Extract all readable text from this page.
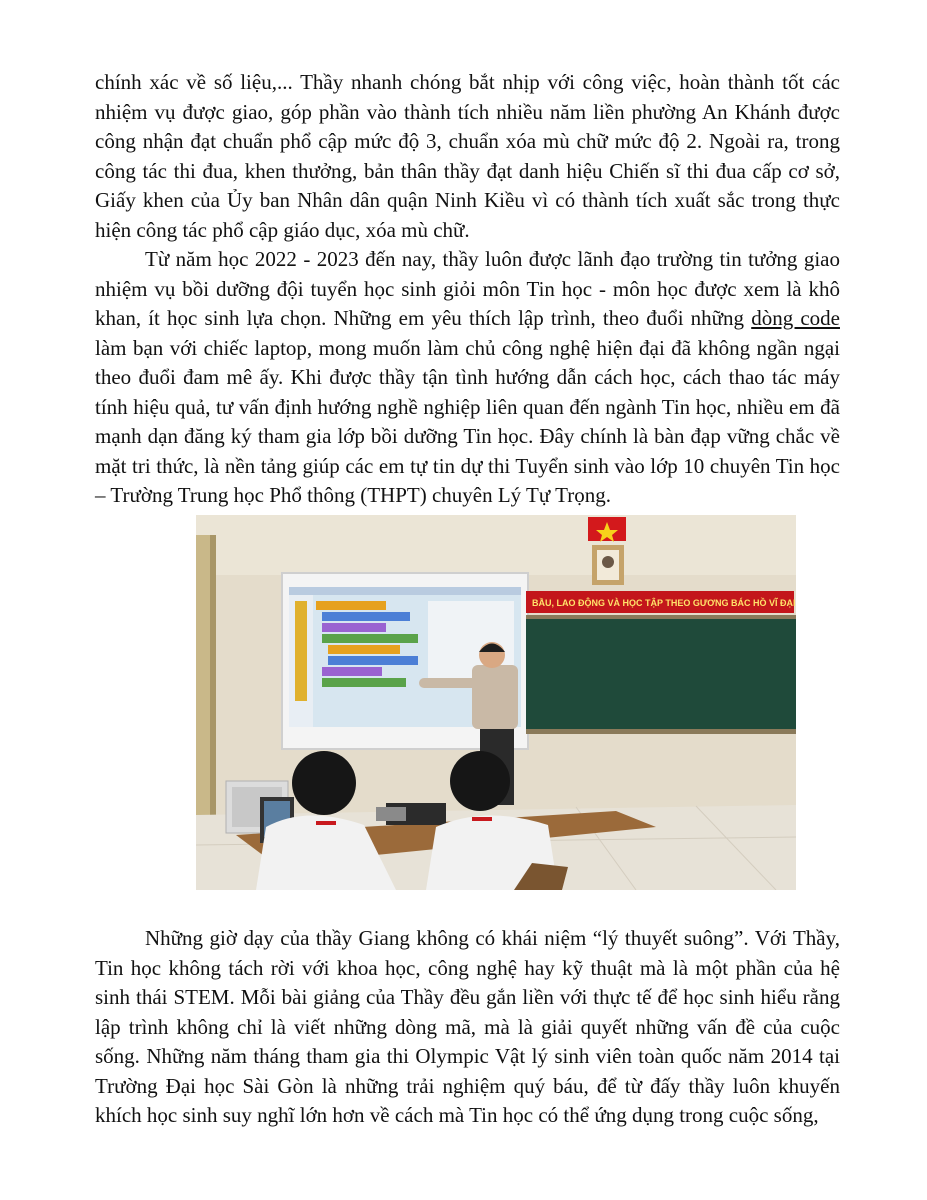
chính xác về số liệu,... Thầy nhanh chóng bắt nhịp với công việc, hoàn thành tốt các nhiệm vụ được giao, góp phần vào thành tích nhiều năm liền phường An Khánh được công nhận đạt chuẩn phổ cập mức độ 3, chuẩn xóa mù chữ mức độ 2. Ngoài ra, trong công tác thi đua, khen thưởng, bản thân thầy đạt danh hiệu Chiến sĩ thi đua cấp cơ sở, Giấy khen của Ủy ban Nhân dân quận Ninh Kiều vì có thành tích xuất sắc trong thực hiện công tác phổ cập giáo dục, xóa mù chữ.

Từ năm học 2022 - 2023 đến nay, thầy luôn được lãnh đạo trường tin tưởng giao nhiệm vụ bồi dưỡng đội tuyển học sinh giỏi môn Tin học - môn học được xem là khô khan, ít học sinh lựa chọn. Những em yêu thích lập trình, theo đuổi những dòng code làm bạn với chiếc laptop, mong muốn làm chủ công nghệ hiện đại đã không ngần ngại theo đuổi đam mê ấy. Khi được thầy tận tình hướng dẫn cách học, cách thao tác máy tính hiệu quả, tư vấn định hướng nghề nghiệp liên quan đến ngành Tin học, nhiều em đã mạnh dạn đăng ký tham gia lớp bồi dưỡng Tin học. Đây chính là bàn đạp vững chắc về mặt tri thức, là nền tảng giúp các em tự tin dự thi Tuyển sinh vào lớp 10 chuyên Tin học – Trường Trung học Phổ thông (THPT) chuyên Lý Tự Trọng.

BẦU, LAO ĐỘNG VÀ HỌC TẬP THEO GƯƠNG BÁC HỒ VĨ ĐẠI

Những giờ dạy của thầy Giang không có khái niệm “lý thuyết suông”. Với Thầy, Tin học không tách rời với khoa học, công nghệ hay kỹ thuật mà là một phần của hệ sinh thái STEM. Mỗi bài giảng của Thầy đều gắn liền với thực tế để học sinh hiểu rằng lập trình không chỉ là viết những dòng mã, mà là giải quyết những vấn đề của cuộc sống. Những năm tháng tham gia thi Olympic Vật lý sinh viên toàn quốc năm 2014 tại Trường Đại học Sài Gòn là những trải nghiệm quý báu, để từ đấy thầy luôn khuyến khích học sinh suy nghĩ lớn hơn về cách mà Tin học có thể ứng dụng trong cuộc sống,
